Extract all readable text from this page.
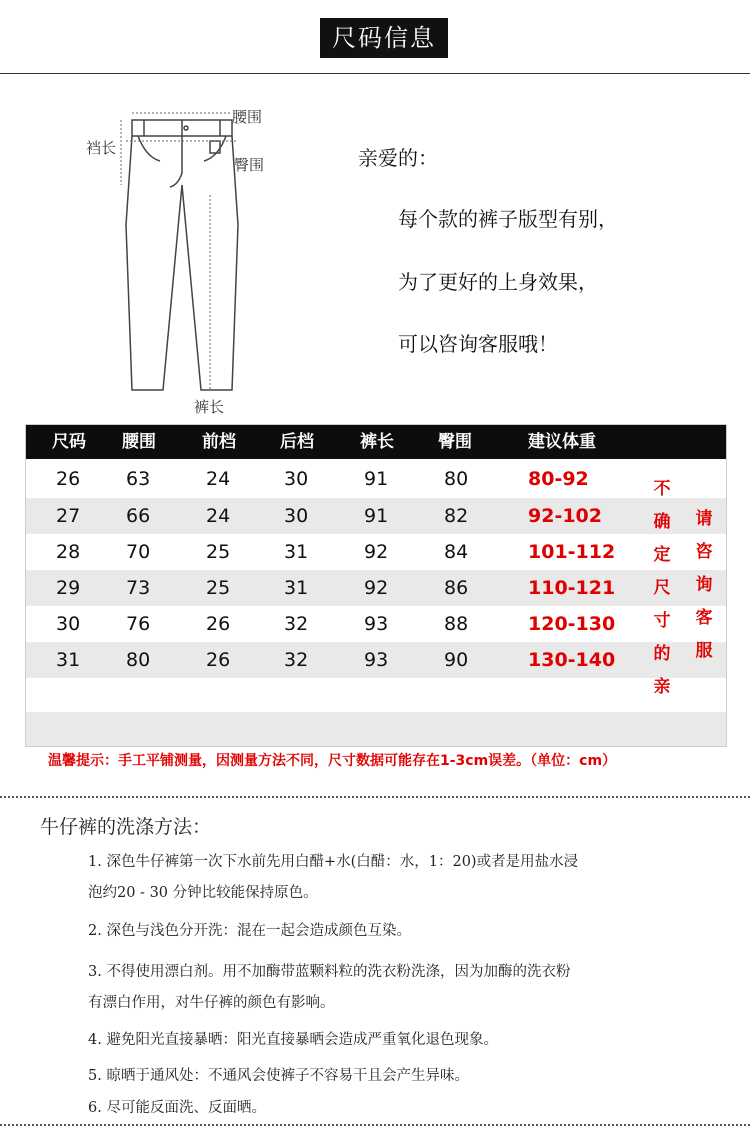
尺码信息
腰围
裆长
臀围
裤长
亲爱的：
每个款的裤子版型有别，
为了更好的上身效果，
可以咨询客服哦！
尺码 腰围	前档	后档	裤长	臀围	建议体重
26 63	24	30	91	80	80-92
27 66	24	30	91	82	92-102
28 70	25	31	92	84	101-112
29 73	25	31	92	86	110-121
30 76	26	32	93	88	120-130
31 80	26	32	93	90	130-140
不
确
定
尺
寸
的
亲
请
咨
询
客
服
温馨提示：手工平铺测量，因测量方法不同，尺寸数据可能存在1-3cm误差。（单位：cm）
牛仔裤的洗涤方法：
1. 深色牛仔裤第一次下水前先用白醋+水(白醋：水，1：20)或者是用盐水浸
泡约20 - 30 分钟比较能保持原色。
2. 深色与浅色分开洗：混在一起会造成颜色互染。
3. 不得使用漂白剂。用不加酶带蓝颗料粒的洗衣粉洗涤，因为加酶的洗衣粉
有漂白作用，对牛仔裤的颜色有影响。
4. 避免阳光直接暴晒：阳光直接暴晒会造成严重氧化退色现象。
5. 晾晒于通风处：不通风会使裤子不容易干且会产生异味。
6. 尽可能反面洗、反面晒。
